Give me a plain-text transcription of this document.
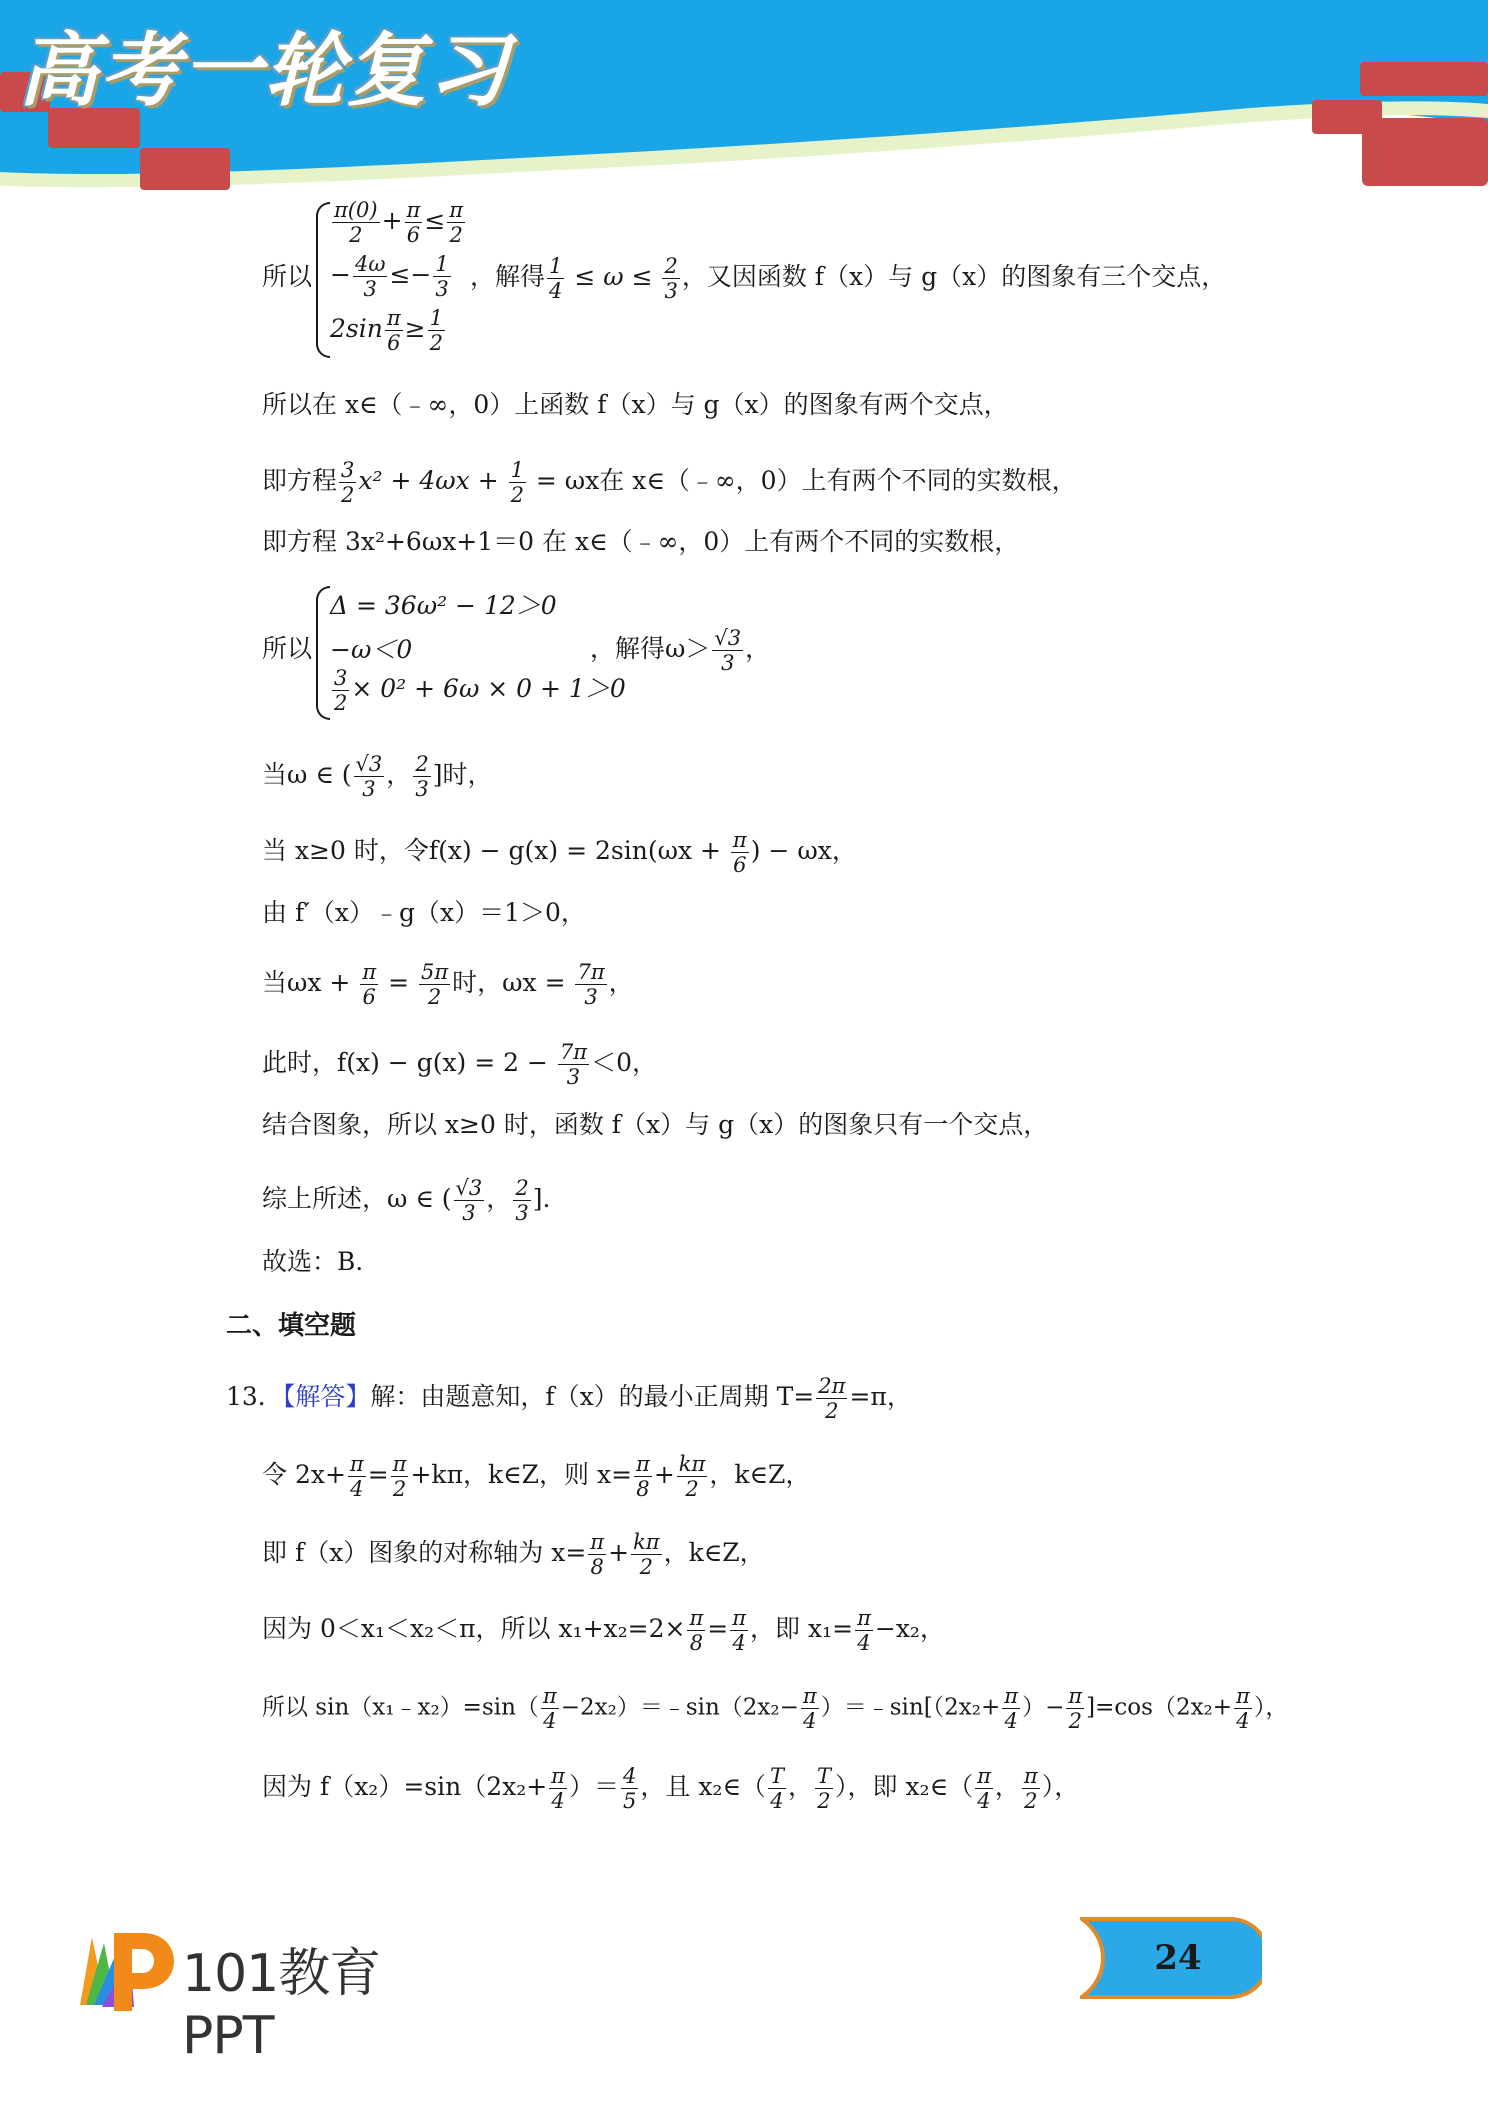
高考一轮复习
所以
$\frac{\pi(0)}{2} + \frac{\pi}{6} \le \frac{\pi}{2}$
− $\frac{4\omega}{3} \le- \frac{1}{3}$
$2\sin \frac{\pi}{6} \ge \frac{1}{2}$
，解得 $\frac{1}{4} \le \omega \le \frac{2}{3}$ ，又因函数 f（x）与 g（x）的图象有三个交点，
所以在 x∈（﹣∞，0）上函数 f（x）与 g（x）的图象有两个交点，
即方程 $\frac{3}{2} x^2 + 4\omega x + \frac{1}{2} = \omega x$在 x∈（﹣∞，0）上有两个不同的实数根，
即方程 3x²+6ωx+1＝0 在 x∈（﹣∞，0）上有两个不同的实数根，
所以
Δ = 36ω² − 12＞0
−ω＜0
$\frac{3}{2} \times 0^2 + 6\omega \times 0 + 1>0$
，解得$\omega> \frac{√3}{3}$ ，
当ω ∈ ( $\frac{√3}{3}$ ， $\frac{2}{3}$ ]时，
当 x≥0 时，令$f(x) - g(x) = 2\sin(\omega x + \frac{\pi}{6}$ ) − ωx，
由 f′（x）﹣g（x）＝1＞0，
当$\omega x + \frac{\pi}{6} = \frac{5\pi}{2}$ 时，$\omega x = \frac{7\pi}{3}$ ，
此时，$f(x) - g(x) = 2 - \frac{7\pi}{3} <0$，
结合图象，所以 x≥0 时，函数 f（x）与 g（x）的图象只有一个交点，
综上所述，ω ∈ ( $\frac{√3}{3}$ ， $\frac{2}{3}$ ].
故选：B．
二、填空题
13．【解答】解：由题意知，f（x）的最小正周期 $T= \frac{2\pi}{2} =\pi$，
令 $2x+ \frac{\pi}{4} = \frac{\pi}{2} +k\pi$，k∈Z，则 $x= \frac{\pi}{8} + \frac{k\pi}{2}$ ，k∈Z，
即 f（x）图象的对称轴为 $x= \frac{\pi}{8} + \frac{k\pi}{2}$ ，k∈Z，
因为 0＜x₁＜x₂＜π，所以 $x_1+x_2=2\times \frac{\pi}{8} = \frac{\pi}{4}$ ，即 $x_1= \frac{\pi}{4} -x_2$，
所以 sin（x₁﹣x₂）=sin（ $\frac{\pi}{4}$ −2x₂）＝﹣sin（2x₂− $\frac{\pi}{4}$ ）＝﹣sin[（2x₂+ $\frac{\pi}{4}$ ）− $\frac{\pi}{2} ]=\cos(2x_2+ \frac{\pi}{4}$ ），
因为 $f(x_2)=\sin(2x_2+ \frac{\pi}{4}$ ）＝ $\frac{4}{5}$ ，且 x₂∈（ $\frac{T}{4}$ ， $\frac{T}{2}$ ），即 x₂∈（ $\frac{\pi}{4}$ ， $\frac{\pi}{2}$ ），
101教育PPT
24
